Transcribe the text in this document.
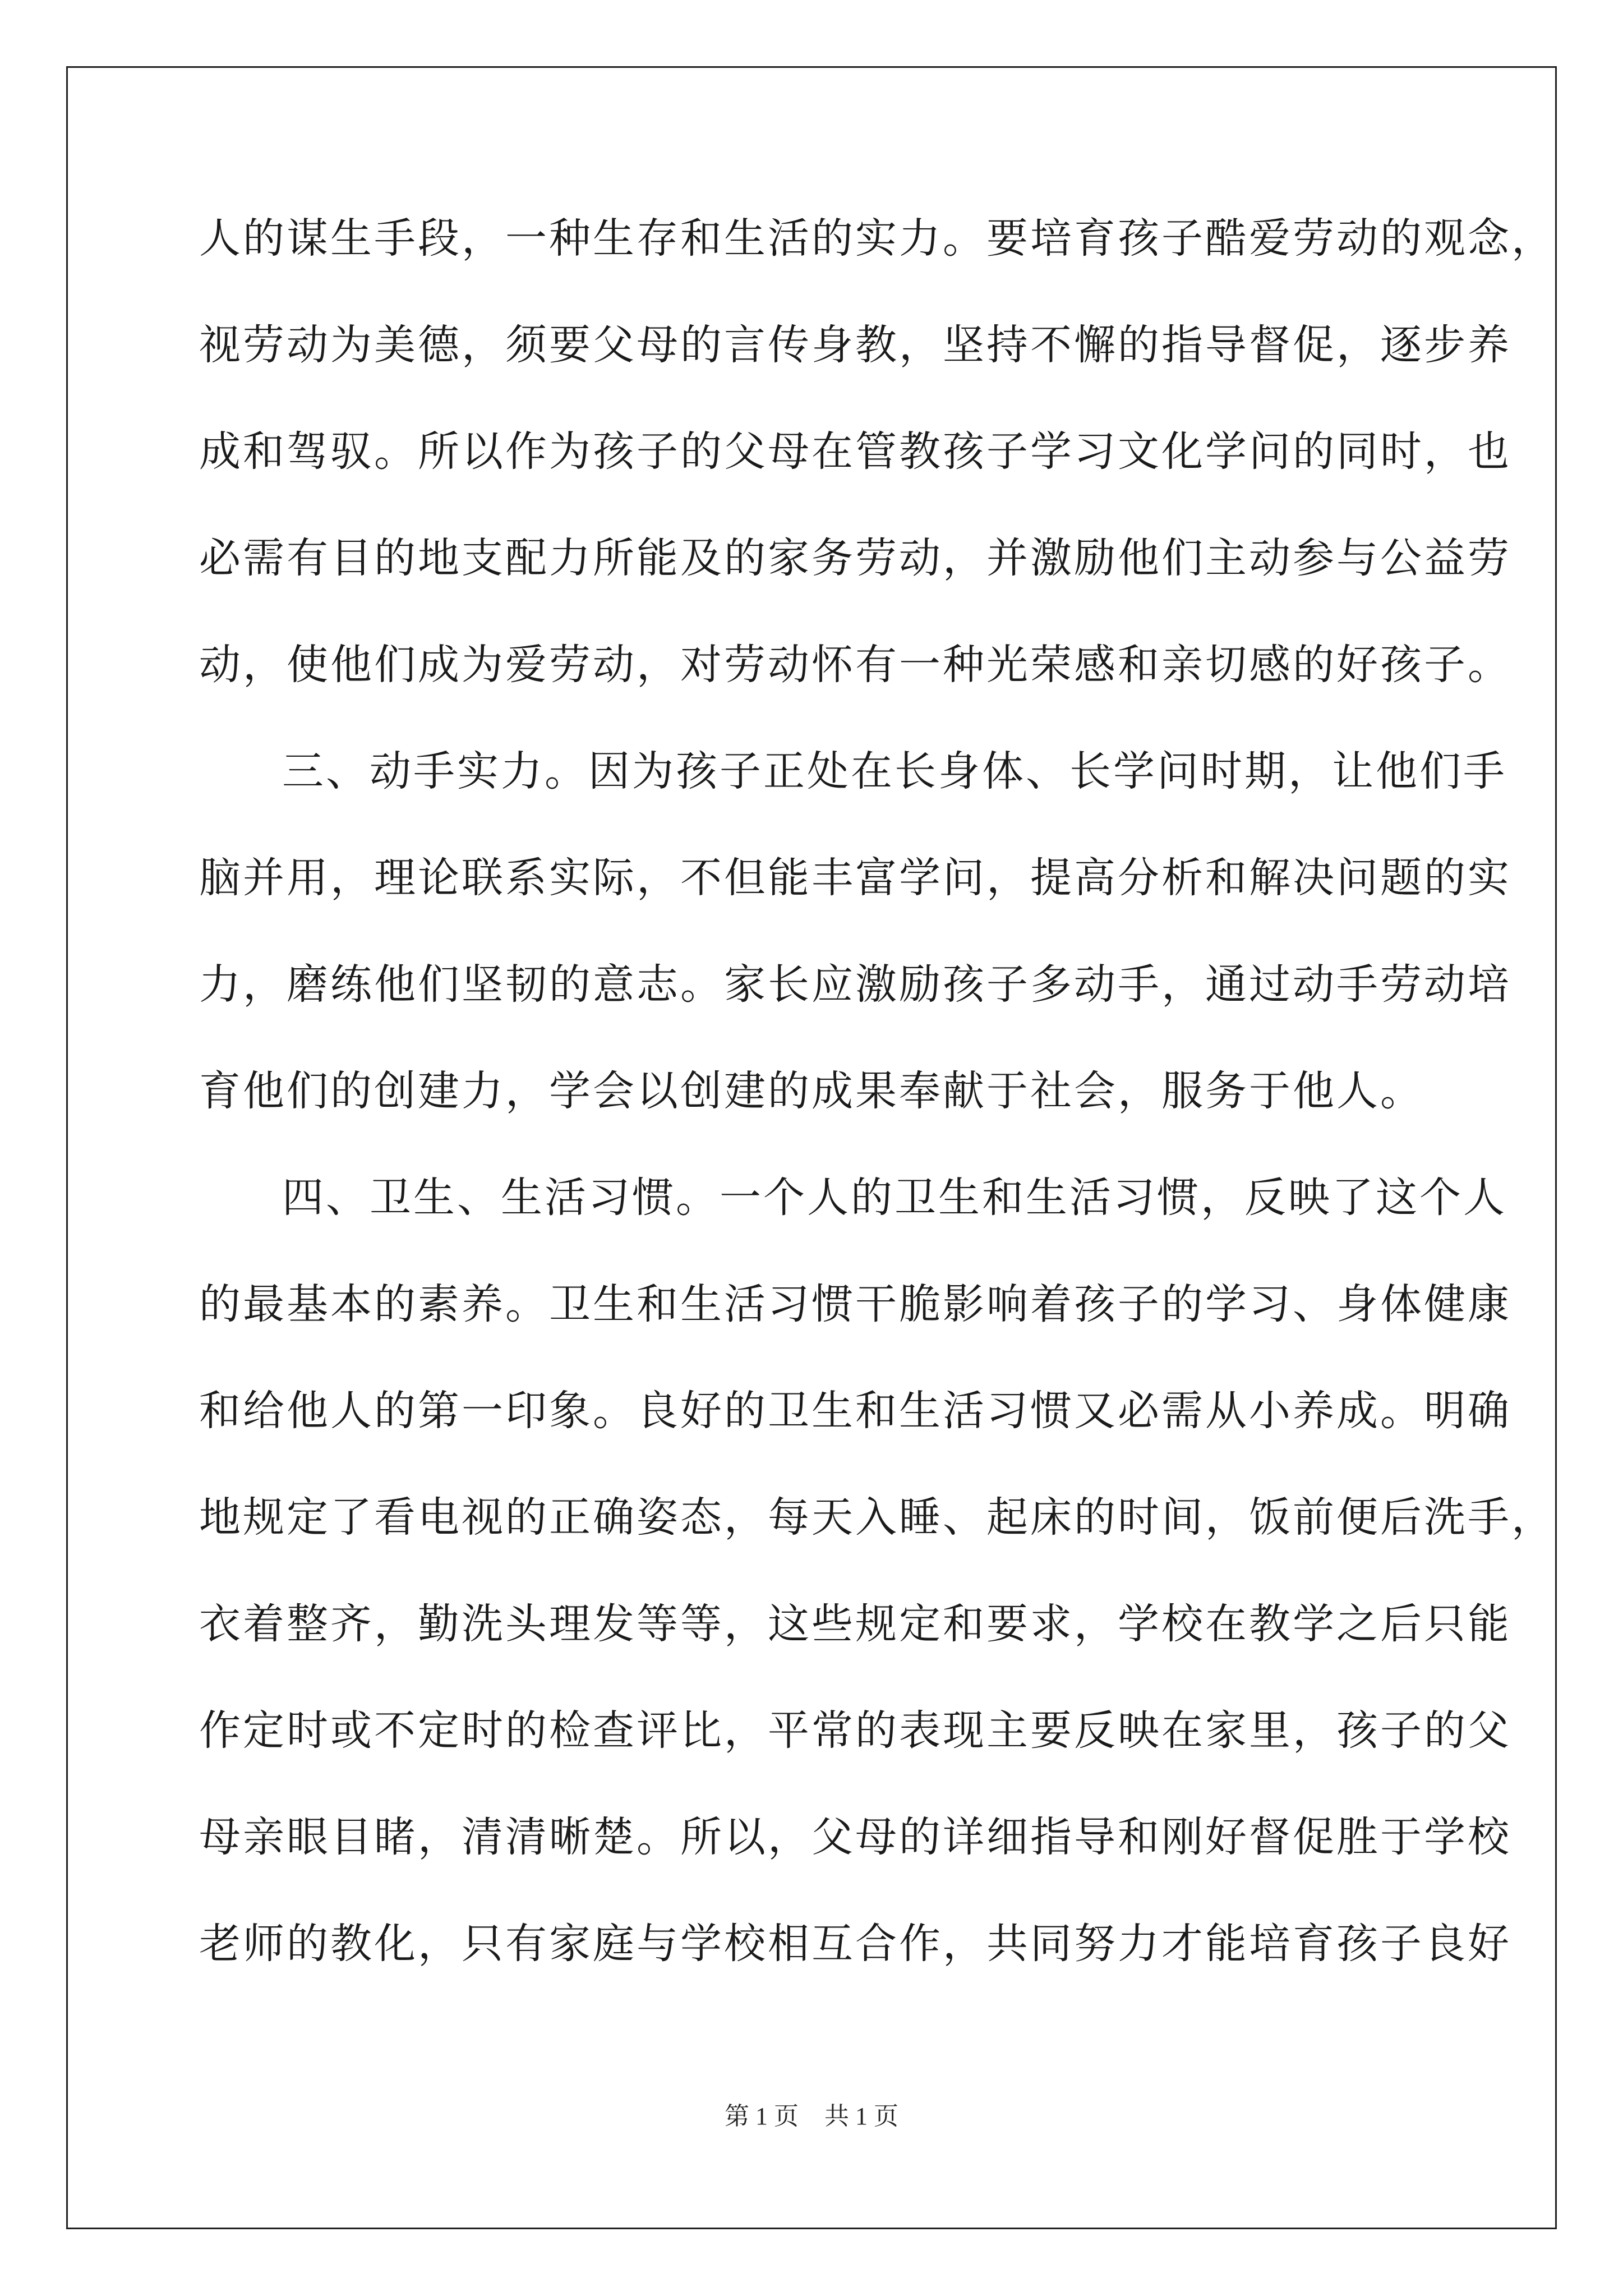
人的谋生手段，一种生存和生活的实力。要培育孩子酷爱劳动的观念，
视劳动为美德，须要父母的言传身教，坚持不懈的指导督促，逐步养
成和驾驭。所以作为孩子的父母在管教孩子学习文化学问的同时，也
必需有目的地支配力所能及的家务劳动，并激励他们主动参与公益劳
动，使他们成为爱劳动，对劳动怀有一种光荣感和亲切感的好孩子。
三、动手实力。因为孩子正处在长身体、长学问时期，让他们手
脑并用，理论联系实际，不但能丰富学问，提高分析和解决问题的实
力，磨练他们坚韧的意志。家长应激励孩子多动手，通过动手劳动培
育他们的创建力，学会以创建的成果奉献于社会，服务于他人。
四、卫生、生活习惯。一个人的卫生和生活习惯，反映了这个人
的最基本的素养。卫生和生活习惯干脆影响着孩子的学习、身体健康
和给他人的第一印象。良好的卫生和生活习惯又必需从小养成。明确
地规定了看电视的正确姿态，每天入睡、起床的时间，饭前便后洗手，
衣着整齐，勤洗头理发等等，这些规定和要求，学校在教学之后只能
作定时或不定时的检查评比，平常的表现主要反映在家里，孩子的父
母亲眼目睹，清清晰楚。所以，父母的详细指导和刚好督促胜于学校
老师的教化，只有家庭与学校相互合作，共同努力才能培育孩子良好
第 1 页 共 1 页
